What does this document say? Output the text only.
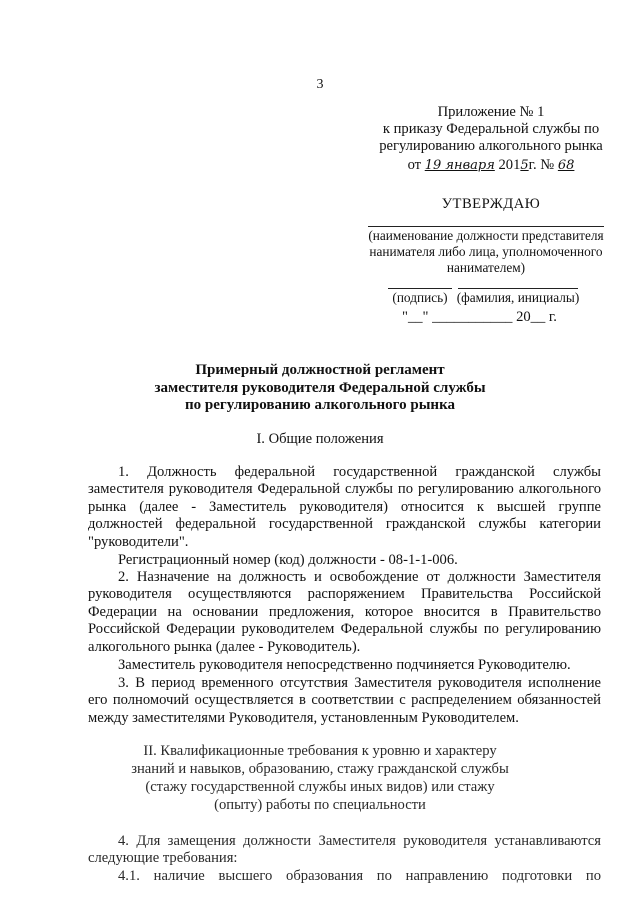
3
Приложение № 1
к приказу Федеральной службы по
регулированию алкогольного рынка
от 19 января 2015г. № 68
УТВЕРЖДАЮ
(наименование должности представителя нанимателя либо лица, уполномоченного нанимателем)
(подпись) (фамилия, инициалы)
"__" ___________ 20__ г.
Примерный должностной регламент
заместителя руководителя Федеральной службы
по регулированию алкогольного рынка
I. Общие положения
1. Должность федеральной государственной гражданской службы заместителя руководителя Федеральной службы по регулированию алкогольного рынка (далее - Заместитель руководителя) относится к высшей группе должностей федеральной государственной гражданской службы категории "руководители".
Регистрационный номер (код) должности - 08-1-1-006.
2. Назначение на должность и освобождение от должности Заместителя руководителя осуществляются распоряжением Правительства Российской Федерации на основании предложения, которое вносится в Правительство Российской Федерации руководителем Федеральной службы по регулированию алкогольного рынка (далее - Руководитель).
Заместитель руководителя непосредственно подчиняется Руководителю.
3. В период временного отсутствия Заместителя руководителя исполнение его полномочий осуществляется в соответствии с распределением обязанностей между заместителями Руководителя, установленным Руководителем.
II. Квалификационные требования к уровню и характеру
знаний и навыков, образованию, стажу гражданской службы
(стажу государственной службы иных видов) или стажу
(опыту) работы по специальности
4. Для замещения должности Заместителя руководителя устанавливаются следующие требования:
4.1. наличие высшего образования по направлению подготовки по
